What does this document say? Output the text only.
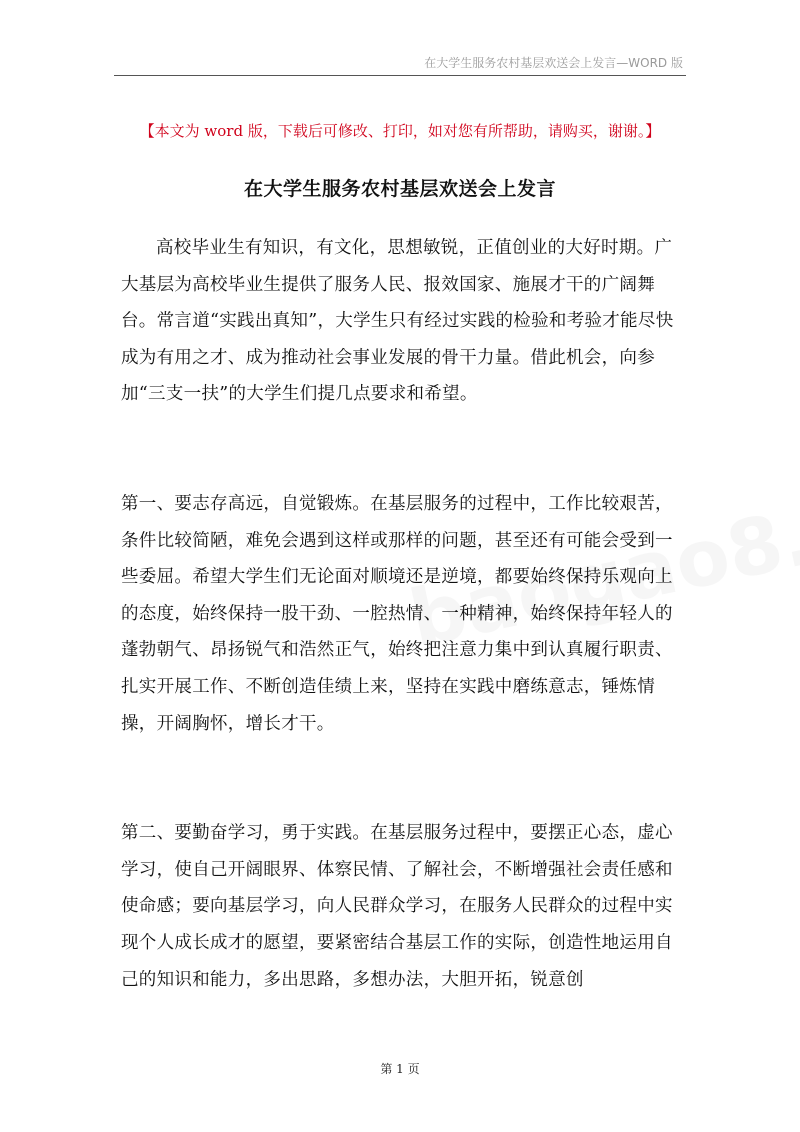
在大学生服务农村基层欢送会上发言—WORD 版
【本文为 word 版，下载后可修改、打印，如对您有所帮助，请购买，谢谢。】
在大学生服务农村基层欢送会上发言

高校毕业生有知识，有文化，思想敏锐，正值创业的大好时期。广大基层为高校毕业生提供了服务人民、报效国家、施展才干的广阔舞台。常言道“实践出真知”，大学生只有经过实践的检验和考验才能尽快成为有用之才、成为推动社会事业发展的骨干力量。借此机会，向参加“三支一扶”的大学生们提几点要求和希望。

第一、要志存高远，自觉锻炼。在基层服务的过程中，工作比较艰苦，条件比较简陋，难免会遇到这样或那样的问题，甚至还有可能会受到一些委屈。希望大学生们无论面对顺境还是逆境，都要始终保持乐观向上的态度，始终保持一股干劲、一腔热情、一种精神，始终保持年轻人的蓬勃朝气、昂扬锐气和浩然正气，始终把注意力集中到认真履行职责、扎实开展工作、不断创造佳绩上来，坚持在实践中磨练意志，锤炼情操，开阔胸怀，增长才干。

第二、要勤奋学习，勇于实践。在基层服务过程中，要摆正心态，虚心学习，使自己开阔眼界、体察民情、了解社会，不断增强社会责任感和使命感；要向基层学习，向人民群众学习，在服务人民群众的过程中实现个人成长成才的愿望，要紧密结合基层工作的实际，创造性地运用自己的知识和能力，多出思路，多想办法，大胆开拓，锐意创

第 1 页
